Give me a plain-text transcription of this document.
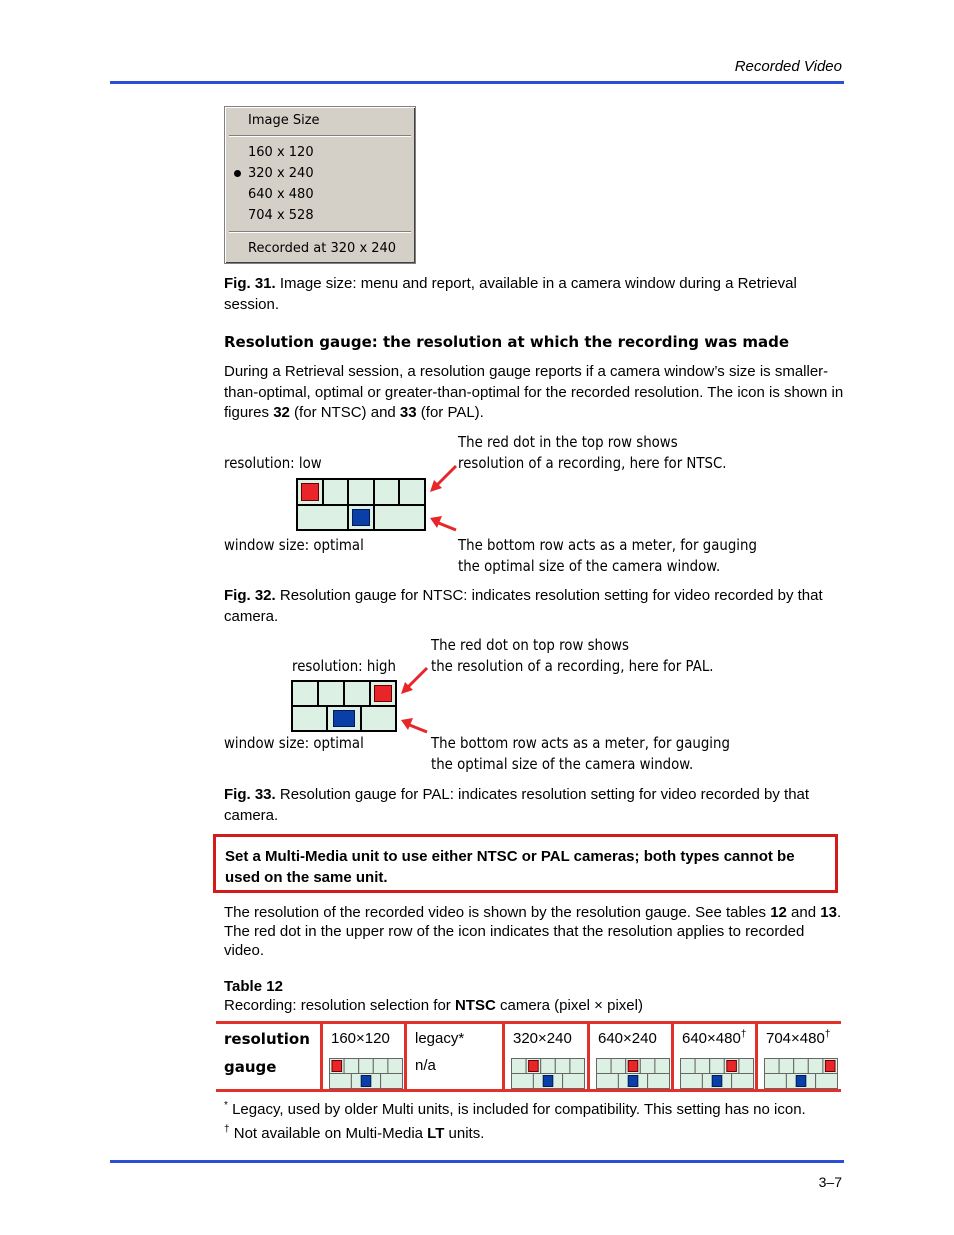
Recorded Video
Image Size
160 x 120
320 x 240
640 x 480
704 x 528
Recorded at 320 x 240
Fig. 31. Image size: menu and report, available in a camera window during a Retrieval session.
Resolution gauge: the resolution at which the recording was made
During a Retrieval session, a resolution gauge reports if a camera window’s size is smaller-than-optimal, optimal or greater-than-optimal for the recorded resolution. The icon is shown in figures 32 (for NTSC) and 33 (for PAL).
resolution: low
window size: optimal
The red dot in the top row shows
resolution of a recording, here for NTSC.
The bottom row acts as a meter, for gauging
the optimal size of the camera window.
Fig. 32. Resolution gauge for NTSC: indicates resolution setting for video recorded by that camera.
resolution: high
window size: optimal
The red dot on top row shows
the resolution of a recording, here for PAL.
The bottom row acts as a meter, for gauging
the optimal size of the camera window.
Fig. 33. Resolution gauge for PAL: indicates resolution setting for video recorded by that camera.
Set a Multi-Media unit to use either NTSC or PAL cameras; both types cannot be used on the same unit.
The resolution of the recorded video is shown by the resolution gauge. See tables 12 and 13. The red dot in the upper row of the icon indicates that the resolution applies to recorded video.
Table 12
Recording: resolution selection for NTSC camera (pixel × pixel)
resolution
gauge
160×120 legacy*
n/a
320×240 640×240 640×480† 704×480†
* Legacy, used by older Multi units, is included for compatibility. This setting has no icon.
† Not available on Multi-Media LT units.
3–7
